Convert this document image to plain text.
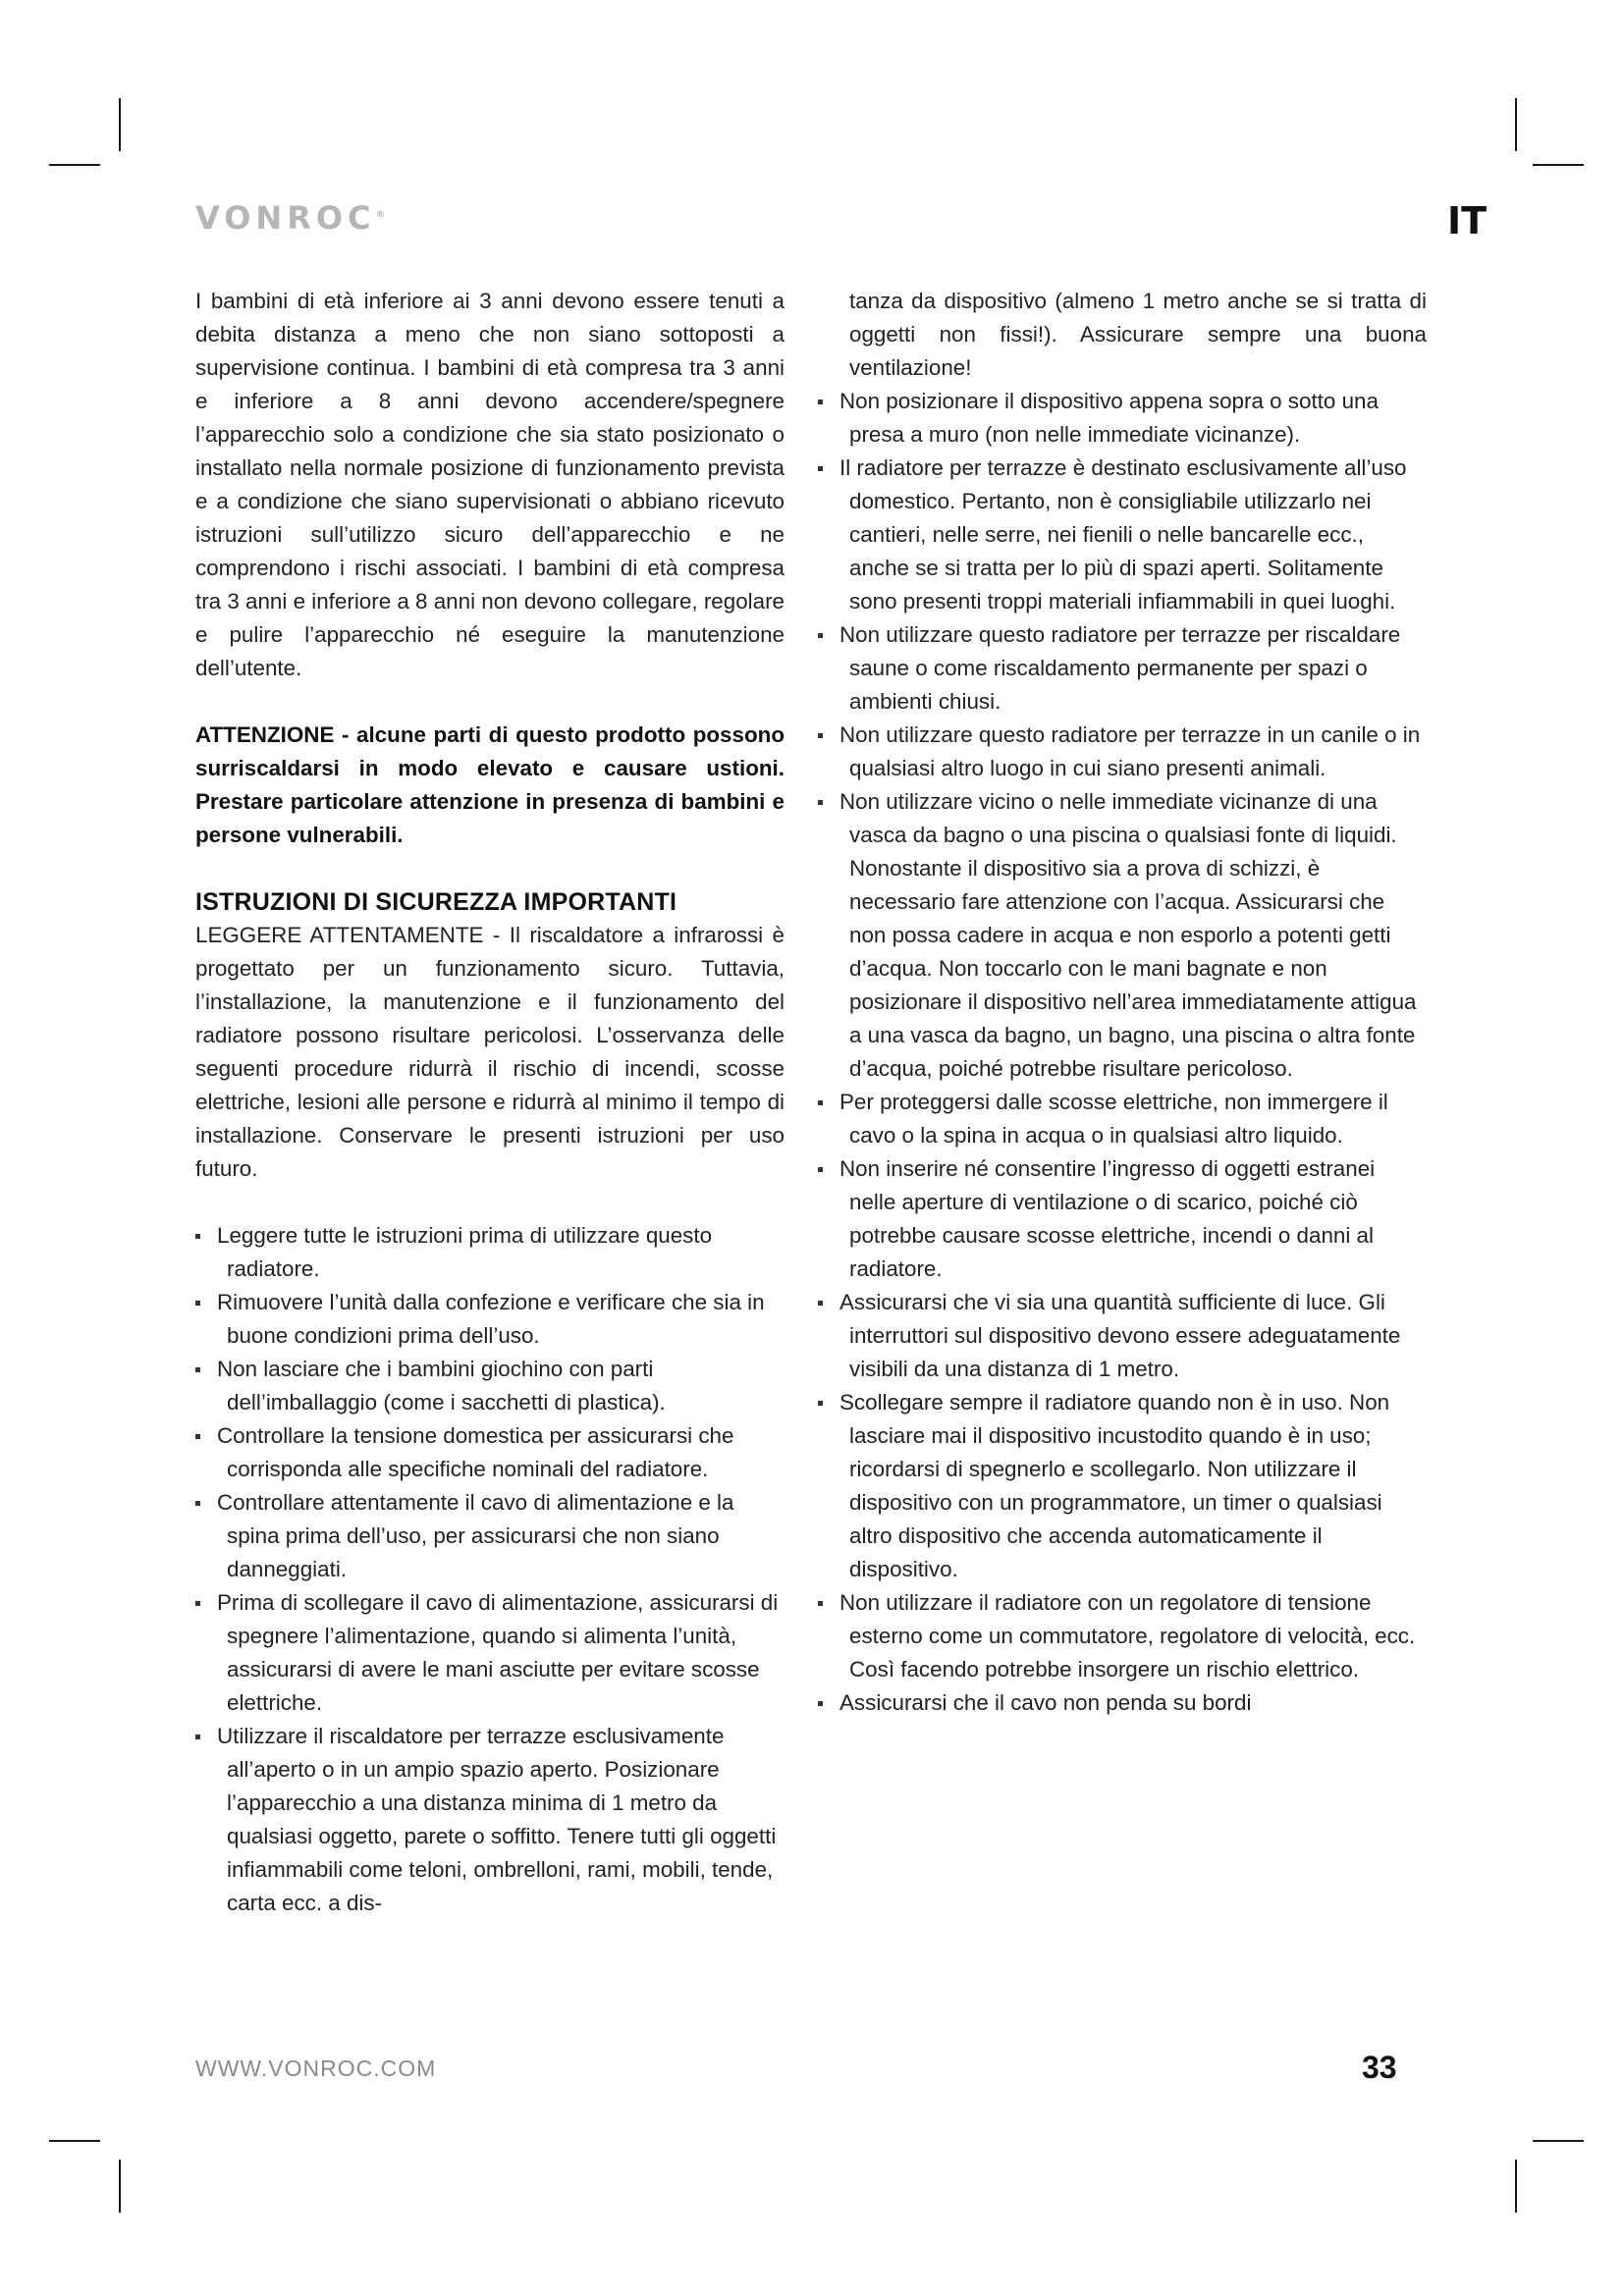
VONROC®	IT

I bambini di età inferiore ai 3 anni devono essere tenuti a debita distanza a meno che non siano sottoposti a supervisione continua. I bambini di età compresa tra 3 anni e inferiore a 8 anni devono accendere/spegnere l’apparecchio solo a condizione che sia stato posizionato o installato nella normale posizione di funzionamento prevista e a condizione che siano supervisionati o abbiano ricevuto istruzioni sull’utilizzo sicuro dell’apparecchio e ne comprendono i rischi associati. I bambini di età compresa tra 3 anni e inferiore a 8 anni non devono collegare, regolare e pulire l’apparecchio né eseguire la manutenzione dell’utente.

ATTENZIONE - alcune parti di questo prodotto possono surriscaldarsi in modo elevato e causare ustioni. Prestare particolare attenzione in presenza di bambini e persone vulnerabili.

ISTRUZIONI DI SICUREZZA IMPORTANTI

LEGGERE ATTENTAMENTE - Il riscaldatore a infrarossi è progettato per un funzionamento sicuro. Tuttavia, l’installazione, la manutenzione e il funzionamento del radiatore possono risultare pericolosi. L’osservanza delle seguenti procedure ridurrà il rischio di incendi, scosse elettriche, lesioni alle persone e ridurrà al minimo il tempo di installazione. Conservare le presenti istruzioni per uso futuro.

Leggere tutte le istruzioni prima di utilizzare questo radiatore.
Rimuovere l’unità dalla confezione e verificare che sia in buone condizioni prima dell’uso.
Non lasciare che i bambini giochino con parti dell’imballaggio (come i sacchetti di plastica).
Controllare la tensione domestica per assicurarsi che corrisponda alle specifiche nominali del radiatore.
Controllare attentamente il cavo di alimentazione e la spina prima dell’uso, per assicurarsi che non siano danneggiati.
Prima di scollegare il cavo di alimentazione, assicurarsi di spegnere l’alimentazione, quando si alimenta l’unità, assicurarsi di avere le mani asciutte per evitare scosse elettriche.
Utilizzare il riscaldatore per terrazze esclusivamente all’aperto o in un ampio spazio aperto. Posizionare l’apparecchio a una distanza minima di 1 metro da qualsiasi oggetto, parete o soffitto. Tenere tutti gli oggetti infiammabili come teloni, ombrelloni, rami, mobili, tende, carta ecc. a dis-

tanza da dispositivo (almeno 1 metro anche se si tratta di oggetti non fissi!). Assicurare sempre una buona ventilazione!

Non posizionare il dispositivo appena sopra o sotto una presa a muro (non nelle immediate vicinanze).
Il radiatore per terrazze è destinato esclusivamente all’uso domestico. Pertanto, non è consigliabile utilizzarlo nei cantieri, nelle serre, nei fienili o nelle bancarelle ecc., anche se si tratta per lo più di spazi aperti. Solitamente sono presenti troppi materiali infiammabili in quei luoghi.
Non utilizzare questo radiatore per terrazze per riscaldare saune o come riscaldamento permanente per spazi o ambienti chiusi.
Non utilizzare questo radiatore per terrazze in un canile o in qualsiasi altro luogo in cui siano presenti animali.
Non utilizzare vicino o nelle immediate vicinanze di una vasca da bagno o una piscina o qualsiasi fonte di liquidi. Nonostante il dispositivo sia a prova di schizzi, è necessario fare attenzione con l’acqua. Assicurarsi che non possa cadere in acqua e non esporlo a potenti getti d’acqua. Non toccarlo con le mani bagnate e non posizionare il dispositivo nell’area immediatamente attigua a una vasca da bagno, un bagno, una piscina o altra fonte d’acqua, poiché potrebbe risultare pericoloso.
Per proteggersi dalle scosse elettriche, non immergere il cavo o la spina in acqua o in qualsiasi altro liquido.
Non inserire né consentire l’ingresso di oggetti estranei nelle aperture di ventilazione o di scarico, poiché ciò potrebbe causare scosse elettriche, incendi o danni al radiatore.
Assicurarsi che vi sia una quantità sufficiente di luce. Gli interruttori sul dispositivo devono essere adeguatamente visibili da una distanza di 1 metro.
Scollegare sempre il radiatore quando non è in uso. Non lasciare mai il dispositivo incustodito quando è in uso; ricordarsi di spegnerlo e scollegarlo. Non utilizzare il dispositivo con un programmatore, un timer o qualsiasi altro dispositivo che accenda automaticamente il dispositivo.
Non utilizzare il radiatore con un regolatore di tensione esterno come un commutatore, regolatore di velocità, ecc. Così facendo potrebbe insorgere un rischio elettrico.
Assicurarsi che il cavo non penda su bordi
WWW.VONROC.COM	33
